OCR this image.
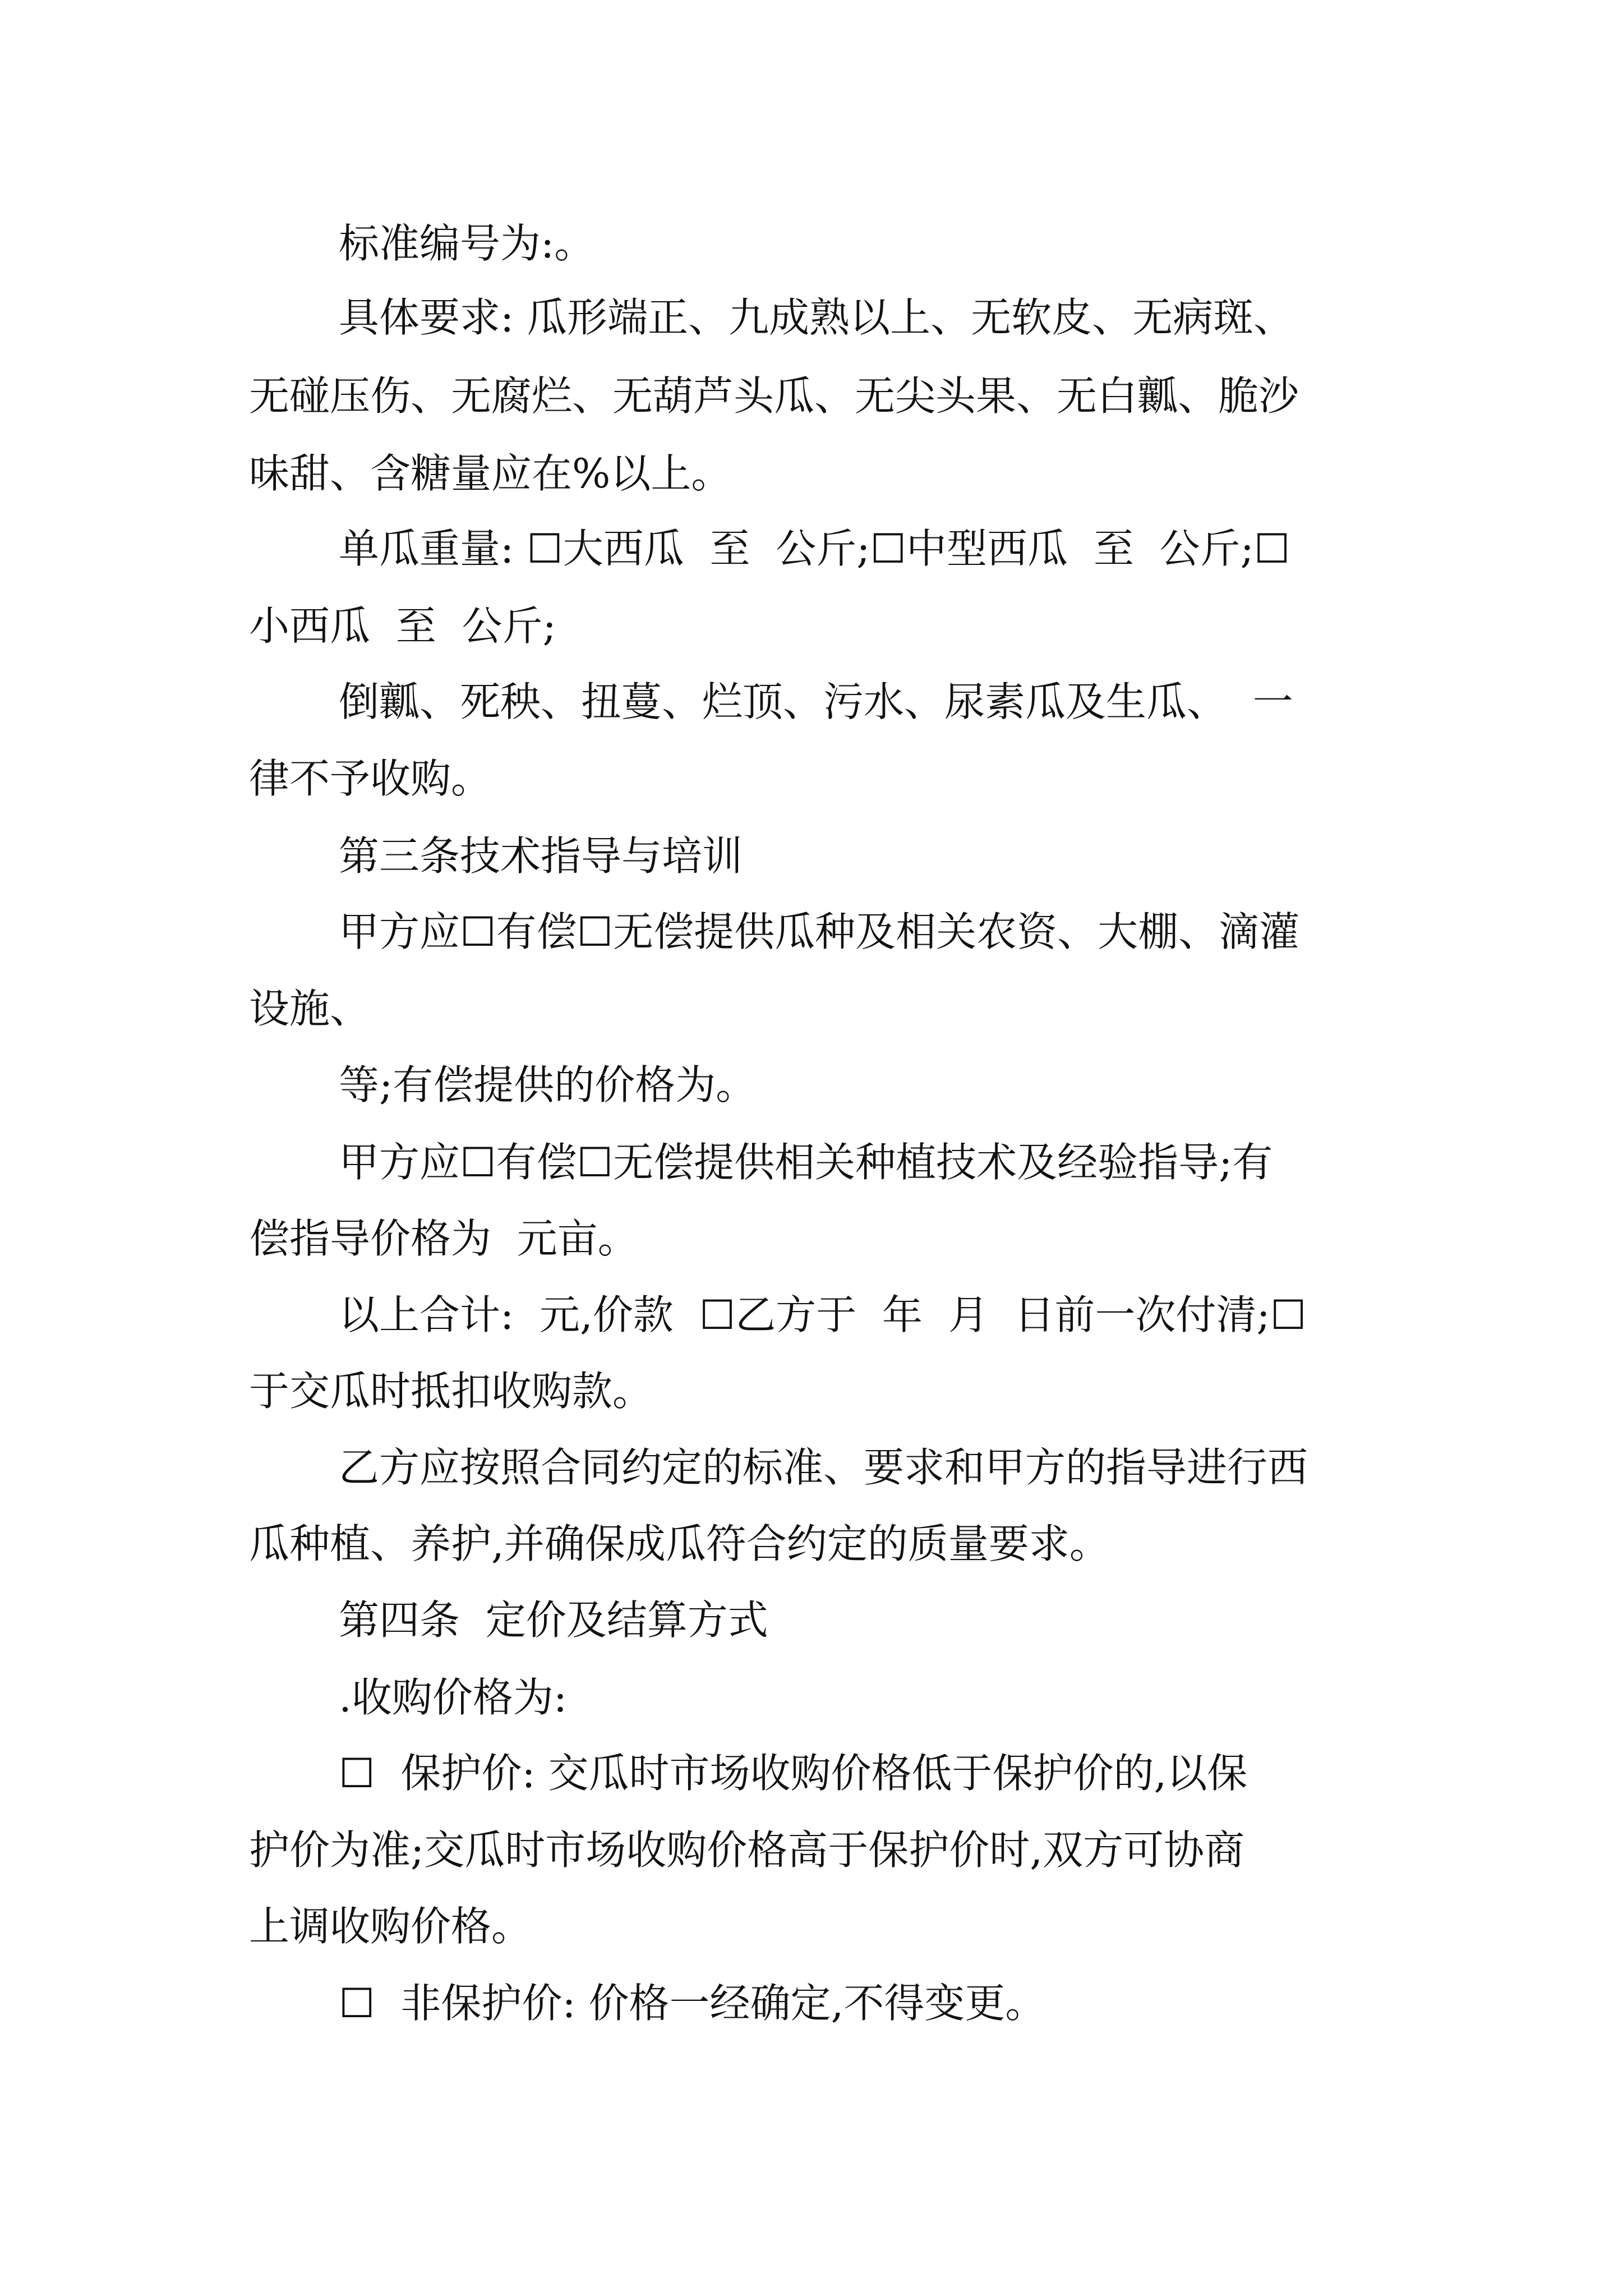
标准编号为:。
具体要求: 瓜形端正、九成熟以上、无软皮、无病斑、
无碰压伤、无腐烂、无葫芦头瓜、无尖头果、无白瓤、脆沙
味甜、含糖量应在%以上。
单瓜重量: ☐大西瓜  至  公斤;☐中型西瓜  至  公斤;☐
小西瓜  至  公斤;
倒瓤、死秧、扭蔓、烂顶、污水、尿素瓜及生瓜、  一
律不予收购。
第三条技术指导与培训
甲方应☐有偿☐无偿提供瓜种及相关农资、大棚、滴灌
设施、
等;有偿提供的价格为。
甲方应☐有偿☐无偿提供相关种植技术及经验指导;有
偿指导价格为  元亩。
以上合计:  元,价款  ☐乙方于  年  月  日前一次付清;☐
于交瓜时抵扣收购款。
乙方应按照合同约定的标准、要求和甲方的指导进行西
瓜种植、养护,并确保成瓜符合约定的质量要求。
第四条  定价及结算方式
.收购价格为:
☐  保护价: 交瓜时市场收购价格低于保护价的,以保
护价为准;交瓜时市场收购价格高于保护价时,双方可协商
上调收购价格。
☐  非保护价: 价格一经确定,不得变更。
